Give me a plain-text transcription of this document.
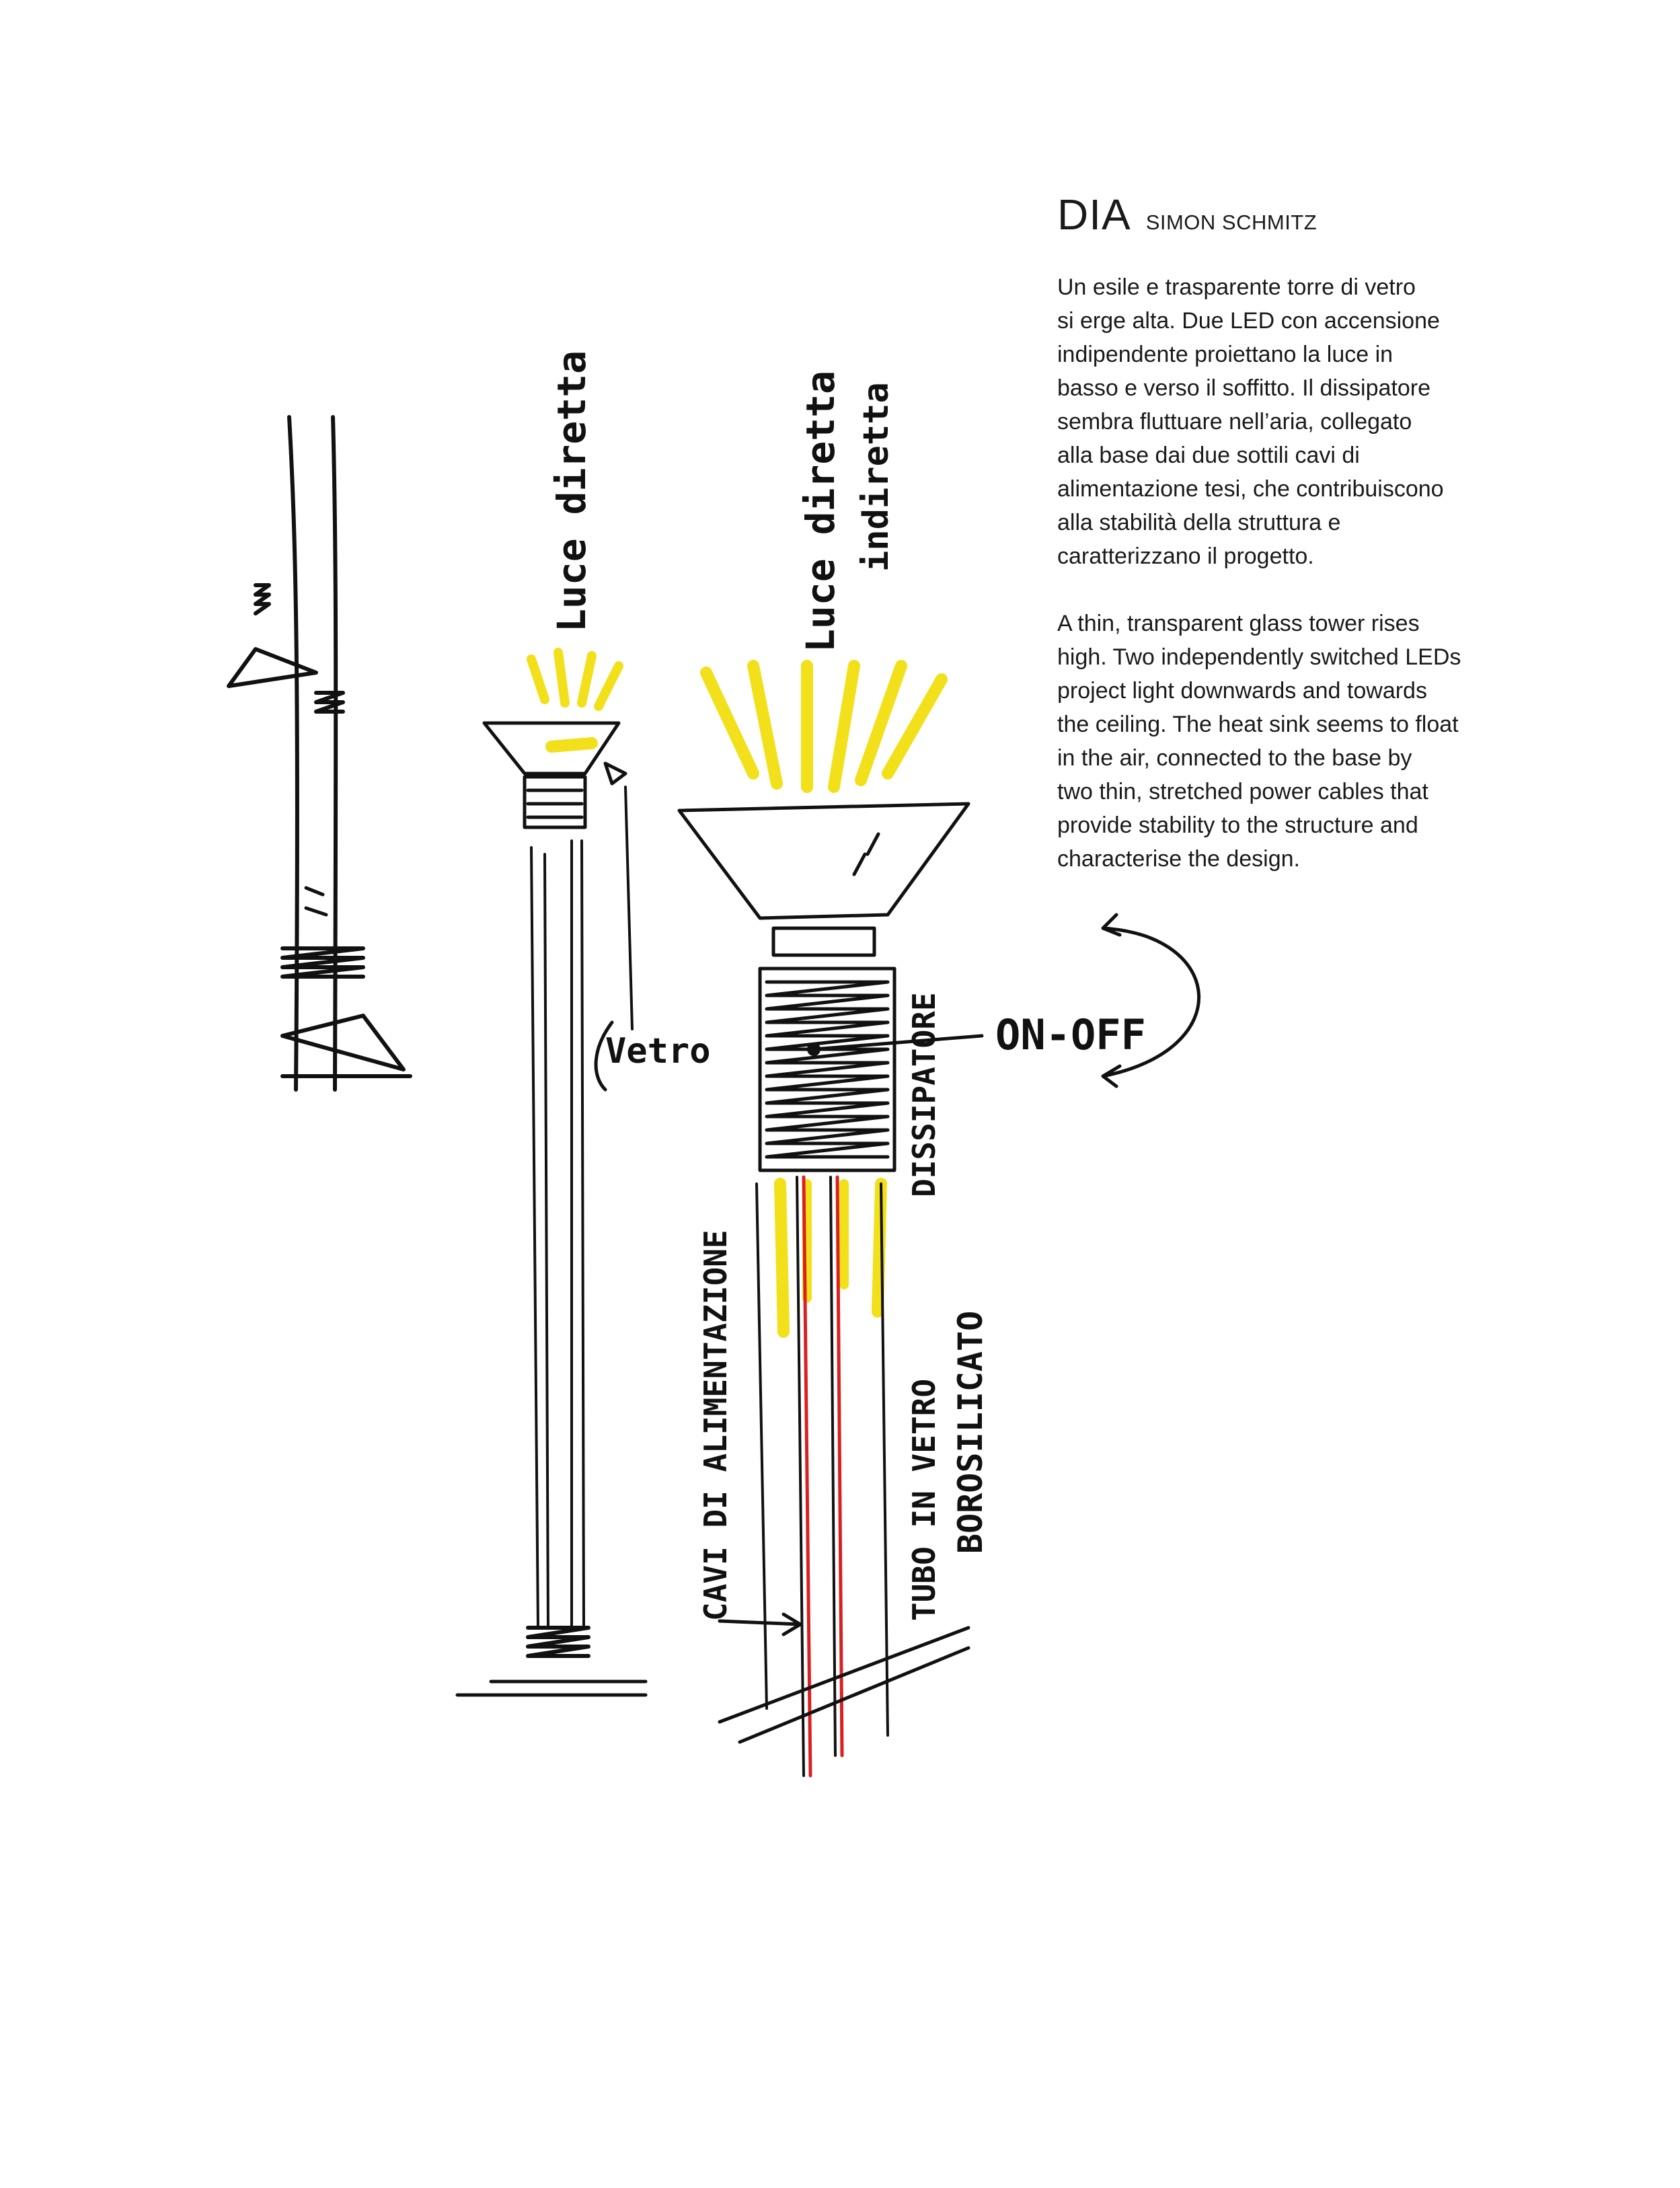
DIA SIMON SCHMITZ

Un esile e trasparente torre di vetro
si erge alta. Due LED con accensione
indipendente proiettano la luce in
basso e verso il soffitto. Il dissipatore
sembra fluttuare nell’aria, collegato
alla base dai due sottili cavi di
alimentazione tesi, che contribuiscono
alla stabilità della struttura e
caratterizzano il progetto.

A thin, transparent glass tower rises
high. Two independently switched LEDs
project light downwards and towards
the ceiling. The heat sink seems to float
in the air, connected to the base by
two thin, stretched power cables that
provide stability to the structure and
characterise the design.

Luce diretta
Vetro
Luce diretta indiretta
ON-OFF
DISSIPATORE
CAVI DI ALIMENTAZIONE	TUBO IN VETRO BOROSILICATO
